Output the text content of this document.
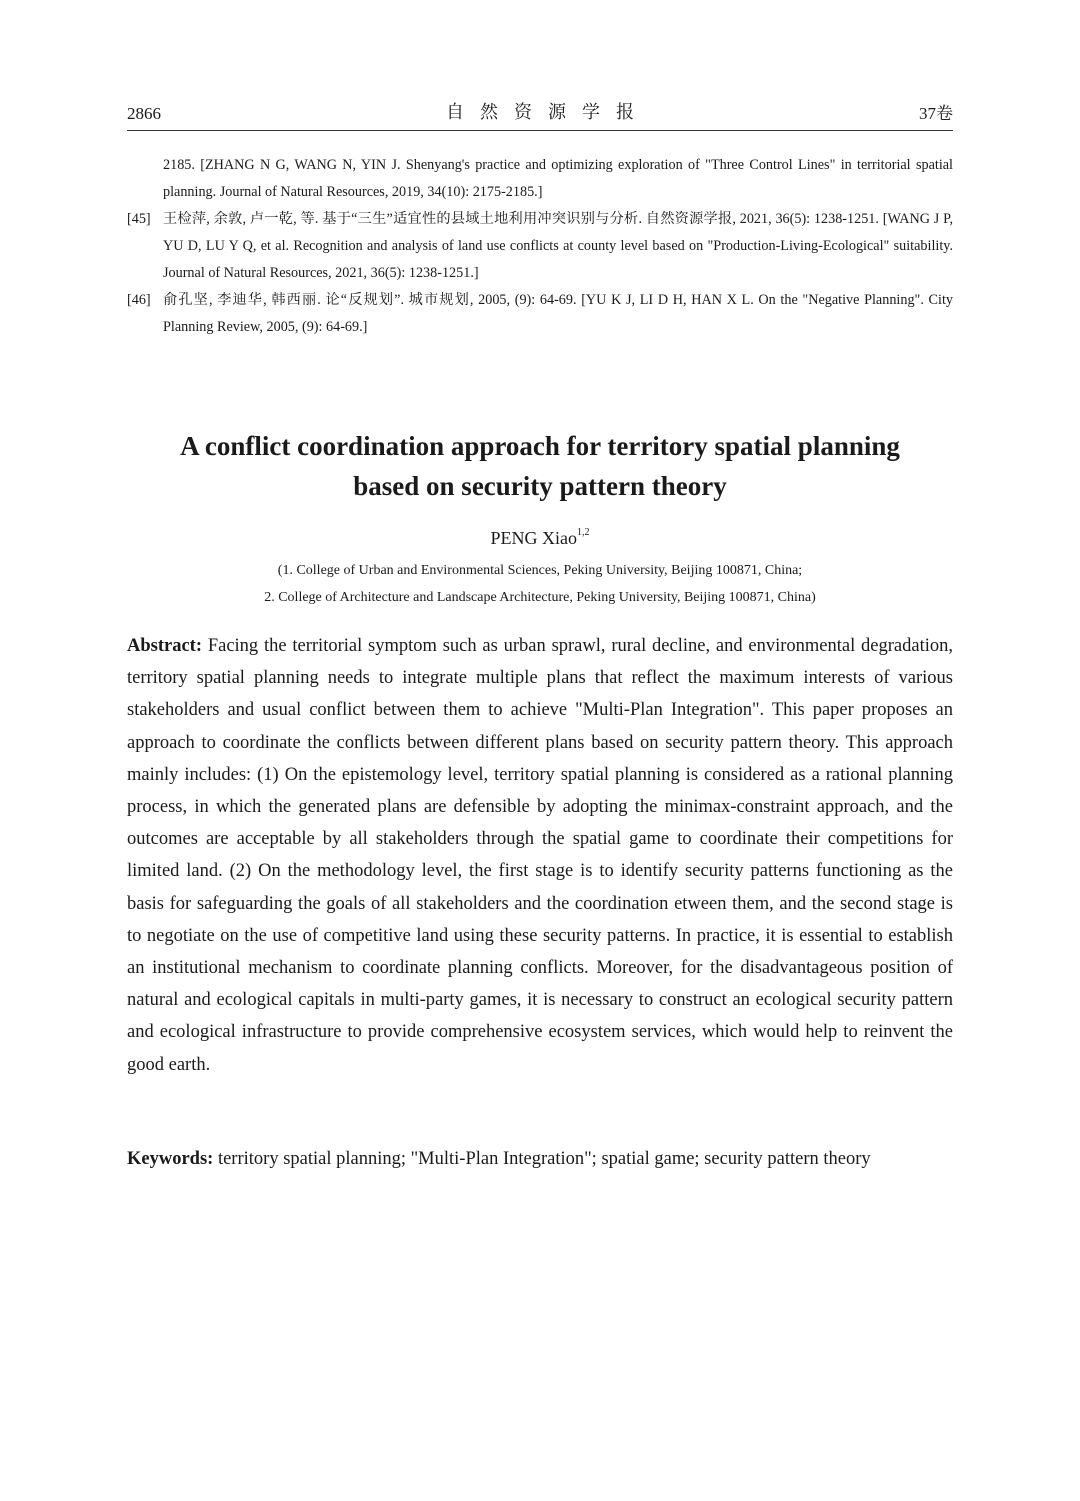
2866	自然资源学报	37卷
2185. [ZHANG N G, WANG N, YIN J. Shenyang's practice and optimizing exploration of "Three Control Lines" in territorial spatial planning. Journal of Natural Resources, 2019, 34(10): 2175-2185.]
[45] 王检萍, 余敦, 卢一乾, 等. 基于“三生”适宜性的县域土地利用冲突识别与分析. 自然资源学报, 2021, 36(5): 1238-1251. [WANG J P, YU D, LU Y Q, et al. Recognition and analysis of land use conflicts at county level based on "Production-Living-Ecological" suitability. Journal of Natural Resources, 2021, 36(5): 1238-1251.]
[46] 俞孔坚, 李迪华, 韩西丽. 论“反规划”. 城市规划, 2005, (9): 64-69. [YU K J, LI D H, HAN X L. On the "Negative Planning". City Planning Review, 2005, (9): 64-69.]
A conflict coordination approach for territory spatial planning
based on security pattern theory
PENG Xiao$^{1,2}$
(1. College of Urban and Environmental Sciences, Peking University, Beijing 100871, China;
2. College of Architecture and Landscape Architecture, Peking University, Beijing 100871, China)
Abstract: Facing the territorial symptom such as urban sprawl, rural decline, and environmental degradation, territory spatial planning needs to integrate multiple plans that reflect the maximum interests of various stakeholders and usual conflict between them to achieve "Multi-Plan Integration". This paper proposes an approach to coordinate the conflicts between different plans based on security pattern theory. This approach mainly includes: (1) On the epistemology level, territory spatial planning is considered as a rational planning process, in which the generated plans are defensible by adopting the minimax-constraint approach, and the outcomes are acceptable by all stakeholders through the spatial game to coordinate their competitions for limited land. (2) On the methodology level, the first stage is to identify security patterns functioning as the basis for safeguarding the goals of all stakeholders and the coordination etween them, and the second stage is to negotiate on the use of competitive land using these security patterns. In practice, it is essential to establish an institutional mechanism to coordinate planning conflicts. Moreover, for the disadvantageous position of natural and ecological capitals in multi-party games, it is necessary to construct an ecological security pattern and ecological infrastructure to provide comprehensive ecosystem services, which would help to reinvent the good earth.
Keywords: territory spatial planning; "Multi-Plan Integration"; spatial game; security pattern theory
